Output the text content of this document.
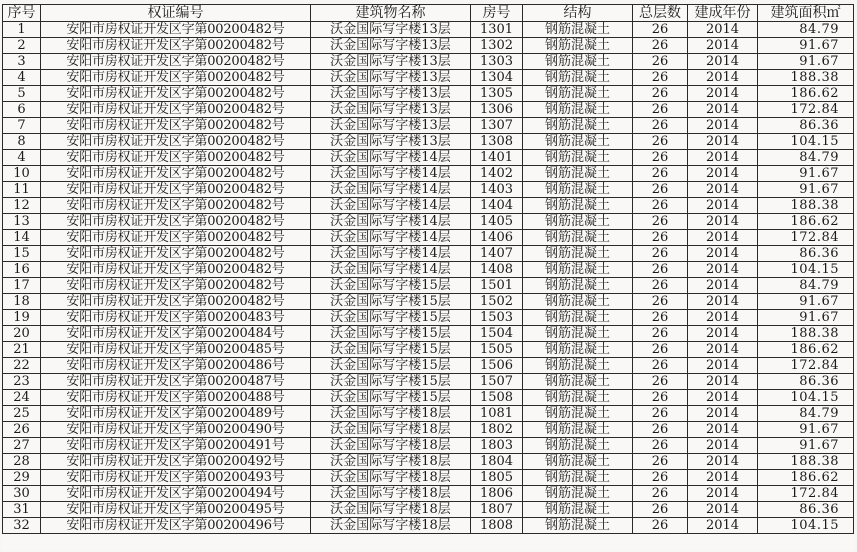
序号	权证编号	建筑物名称	房号	结构	总层数	建成年份	建筑面积㎡
1	安阳市房权证开发区字第00200482号	沃金国际写字楼13层	1301	钢筋混凝土	26	2014	84.79
2	安阳市房权证开发区字第00200482号	沃金国际写字楼13层	1302	钢筋混凝土	26	2014	91.67
3	安阳市房权证开发区字第00200482号	沃金国际写字楼13层	1303	钢筋混凝土	26	2014	91.67
4	安阳市房权证开发区字第00200482号	沃金国际写字楼13层	1304	钢筋混凝土	26	2014	188.38
5	安阳市房权证开发区字第00200482号	沃金国际写字楼13层	1305	钢筋混凝土	26	2014	186.62
6	安阳市房权证开发区字第00200482号	沃金国际写字楼13层	1306	钢筋混凝土	26	2014	172.84
7	安阳市房权证开发区字第00200482号	沃金国际写字楼13层	1307	钢筋混凝土	26	2014	86.36
8	安阳市房权证开发区字第00200482号	沃金国际写字楼13层	1308	钢筋混凝土	26	2014	104.15
4	安阳市房权证开发区字第00200482号	沃金国际写字楼14层	1401	钢筋混凝土	26	2014	84.79
10	安阳市房权证开发区字第00200482号	沃金国际写字楼14层	1402	钢筋混凝土	26	2014	91.67
11	安阳市房权证开发区字第00200482号	沃金国际写字楼14层	1403	钢筋混凝土	26	2014	91.67
12	安阳市房权证开发区字第00200482号	沃金国际写字楼14层	1404	钢筋混凝土	26	2014	188.38
13	安阳市房权证开发区字第00200482号	沃金国际写字楼14层	1405	钢筋混凝土	26	2014	186.62
14	安阳市房权证开发区字第00200482号	沃金国际写字楼14层	1406	钢筋混凝土	26	2014	172.84
15	安阳市房权证开发区字第00200482号	沃金国际写字楼14层	1407	钢筋混凝土	26	2014	86.36
16	安阳市房权证开发区字第00200482号	沃金国际写字楼14层	1408	钢筋混凝土	26	2014	104.15
17	安阳市房权证开发区字第00200482号	沃金国际写字楼15层	1501	钢筋混凝土	26	2014	84.79
18	安阳市房权证开发区字第00200482号	沃金国际写字楼15层	1502	钢筋混凝土	26	2014	91.67
19	安阳市房权证开发区字第00200483号	沃金国际写字楼15层	1503	钢筋混凝土	26	2014	91.67
20	安阳市房权证开发区字第00200484号	沃金国际写字楼15层	1504	钢筋混凝土	26	2014	188.38
21	安阳市房权证开发区字第00200485号	沃金国际写字楼15层	1505	钢筋混凝土	26	2014	186.62
22	安阳市房权证开发区字第00200486号	沃金国际写字楼15层	1506	钢筋混凝土	26	2014	172.84
23	安阳市房权证开发区字第00200487号	沃金国际写字楼15层	1507	钢筋混凝土	26	2014	86.36
24	安阳市房权证开发区字第00200488号	沃金国际写字楼15层	1508	钢筋混凝土	26	2014	104.15
25	安阳市房权证开发区字第00200489号	沃金国际写字楼18层	1081	钢筋混凝土	26	2014	84.79
26	安阳市房权证开发区字第00200490号	沃金国际写字楼18层	1802	钢筋混凝土	26	2014	91.67
27	安阳市房权证开发区字第00200491号	沃金国际写字楼18层	1803	钢筋混凝土	26	2014	91.67
28	安阳市房权证开发区字第00200492号	沃金国际写字楼18层	1804	钢筋混凝土	26	2014	188.38
29	安阳市房权证开发区字第00200493号	沃金国际写字楼18层	1805	钢筋混凝土	26	2014	186.62
30	安阳市房权证开发区字第00200494号	沃金国际写字楼18层	1806	钢筋混凝土	26	2014	172.84
31	安阳市房权证开发区字第00200495号	沃金国际写字楼18层	1807	钢筋混凝土	26	2014	86.36
32	安阳市房权证开发区字第00200496号	沃金国际写字楼18层	1808	钢筋混凝土	26	2014	104.15
